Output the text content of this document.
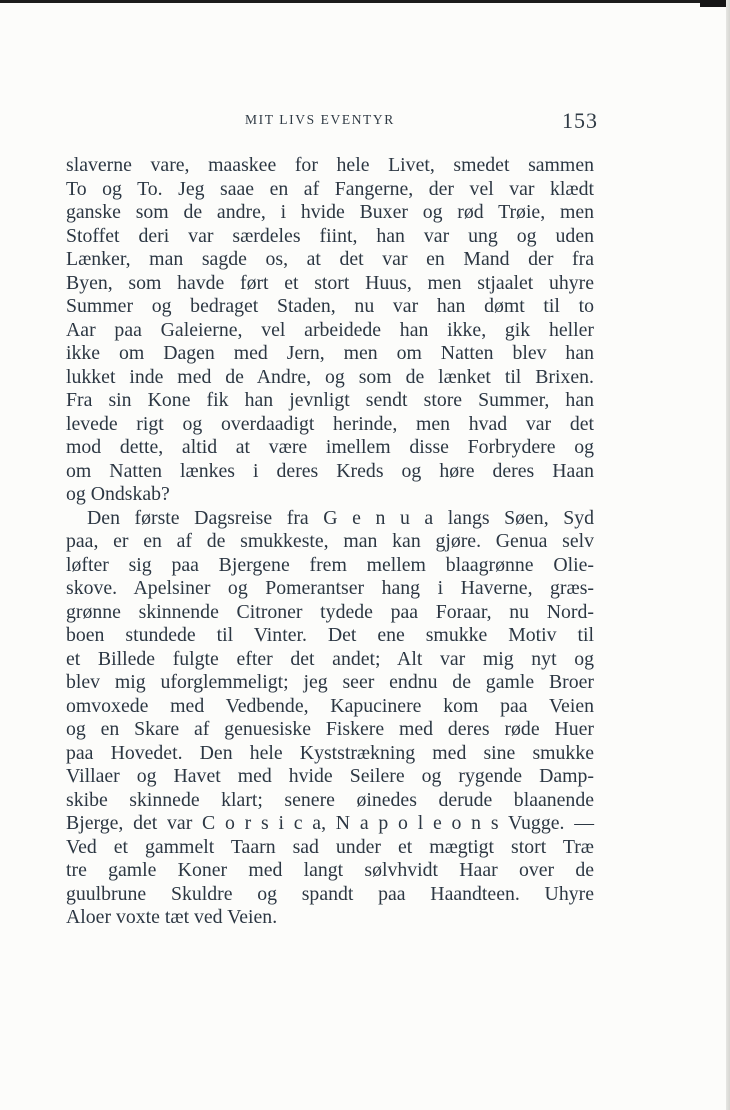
MIT LIVS EVENTYR	153
slaverne vare, maaskee for hele Livet, smedet sammen
To og To. Jeg saae en af Fangerne, der vel var klædt
ganske som de andre, i hvide Buxer og rød Trøie, men
Stoffet deri var særdeles fiint, han var ung og uden
Lænker, man sagde os, at det var en Mand der fra
Byen, som havde ført et stort Huus, men stjaalet uhyre
Summer og bedraget Staden, nu var han dømt til to
Aar paa Galeierne, vel arbeidede han ikke, gik heller
ikke om Dagen med Jern, men om Natten blev han
lukket inde med de Andre, og som de lænket til Brixen.
Fra sin Kone fik han jevnligt sendt store Summer, han
levede rigt og overdaadigt herinde, men hvad var det
mod dette, altid at være imellem disse Forbrydere og
om Natten lænkes i deres Kreds og høre deres Haan
og Ondskab?
Den første Dagsreise fra G e n u a langs Søen, Syd
paa, er en af de smukkeste, man kan gjøre. Genua selv
løfter sig paa Bjergene frem mellem blaagrønne Olie-
skove. Apelsiner og Pomerantser hang i Haverne, græs-
grønne skinnende Citroner tydede paa Foraar, nu Nord-
boen stundede til Vinter. Det ene smukke Motiv til
et Billede fulgte efter det andet; Alt var mig nyt og
blev mig uforglemmeligt; jeg seer endnu de gamle Broer
omvoxede med Vedbende, Kapucinere kom paa Veien
og en Skare af genuesiske Fiskere med deres røde Huer
paa Hovedet. Den hele Kyststrækning med sine smukke
Villaer og Havet med hvide Seilere og rygende Damp-
skibe skinnede klart; senere øinedes derude blaanende
Bjerge, det var C o r s i c a, N a p o l e o n s Vugge. —
Ved et gammelt Taarn sad under et mægtigt stort Træ
tre gamle Koner med langt sølvhvidt Haar over de
guulbrune Skuldre og spandt paa Haandteen. Uhyre
Aloer voxte tæt ved Veien.
